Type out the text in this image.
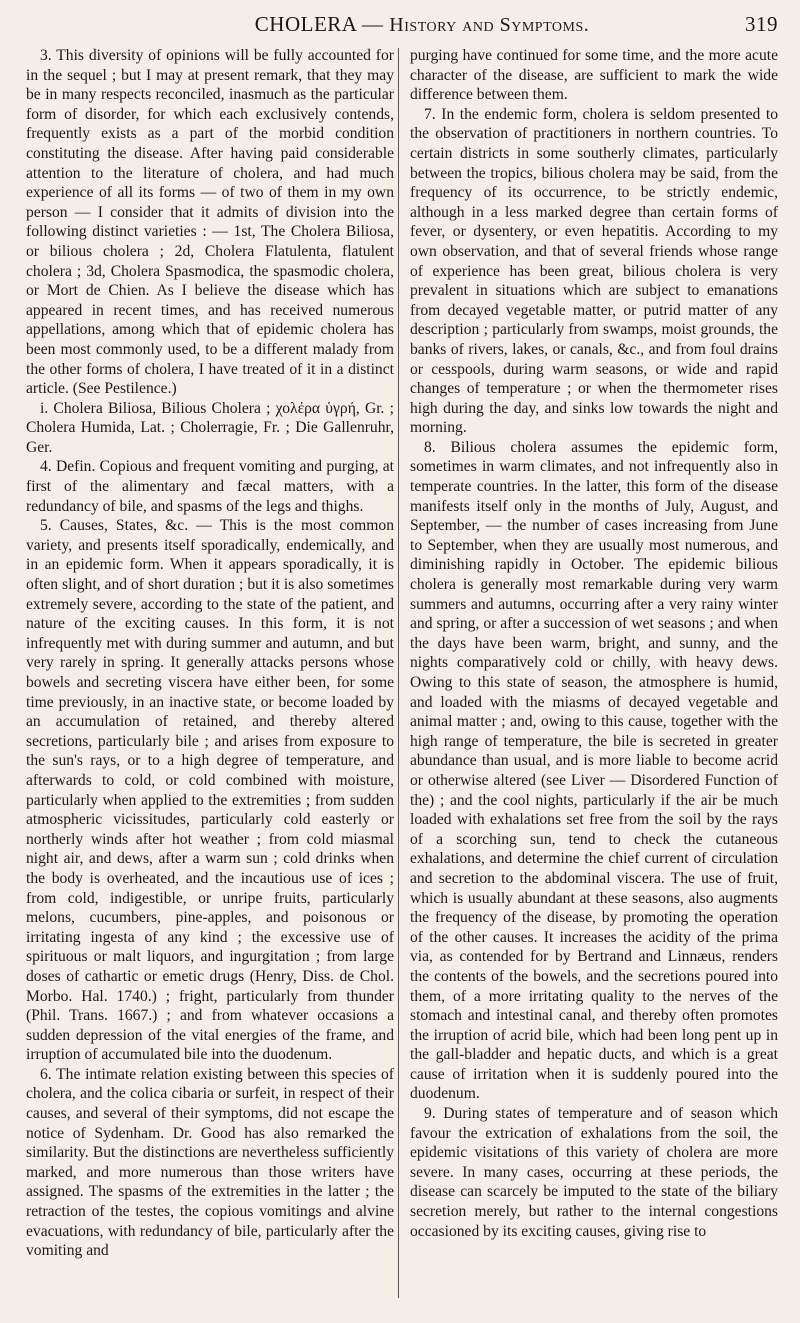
CHOLERA — History and Symptoms.	319

3. This diversity of opinions will be fully accounted for in the sequel ; but I may at present remark, that they may be in many respects reconciled, inasmuch as the particular form of disorder, for which each exclusively contends, frequently exists as a part of the morbid condition constituting the disease. After having paid considerable attention to the literature of cholera, and had much experience of all its forms — of two of them in my own person — I consider that it admits of division into the following distinct varieties : — 1st, The Cholera Biliosa, or bilious cholera ; 2d, Cholera Flatulenta, flatulent cholera ; 3d, Cholera Spasmodica, the spasmodic cholera, or Mort de Chien. As I believe the disease which has appeared in recent times, and has received numerous appellations, among which that of epidemic cholera has been most commonly used, to be a different malady from the other forms of cholera, I have treated of it in a distinct article. (See Pestilence.)

i. Cholera Biliosa, Bilious Cholera ; χολέρα ὑγρή, Gr. ; Cholera Humida, Lat. ; Cholerragie, Fr. ; Die Gallenruhr, Ger.

4. Defin. Copious and frequent vomiting and purging, at first of the alimentary and fæcal matters, with a redundancy of bile, and spasms of the legs and thighs.

5. Causes, States, &c. — This is the most common variety, and presents itself sporadically, endemically, and in an epidemic form. When it appears sporadically, it is often slight, and of short duration ; but it is also sometimes extremely severe, according to the state of the patient, and nature of the exciting causes. In this form, it is not infrequently met with during summer and autumn, and but very rarely in spring. It generally attacks persons whose bowels and secreting viscera have either been, for some time previously, in an inactive state, or become loaded by an accumulation of retained, and thereby altered secretions, particularly bile ; and arises from exposure to the sun's rays, or to a high degree of temperature, and afterwards to cold, or cold combined with moisture, particularly when applied to the extremities ; from sudden atmospheric vicissitudes, particularly cold easterly or northerly winds after hot weather ; from cold miasmal night air, and dews, after a warm sun ; cold drinks when the body is overheated, and the incautious use of ices ; from cold, indigestible, or unripe fruits, particularly melons, cucumbers, pine-apples, and poisonous or irritating ingesta of any kind ; the excessive use of spirituous or malt liquors, and ingurgitation ; from large doses of cathartic or emetic drugs (Henry, Diss. de Chol. Morbo. Hal. 1740.) ; fright, particularly from thunder (Phil. Trans. 1667.) ; and from whatever occasions a sudden depression of the vital energies of the frame, and irruption of accumulated bile into the duodenum.

6. The intimate relation existing between this species of cholera, and the colica cibaria or surfeit, in respect of their causes, and several of their symptoms, did not escape the notice of Sydenham. Dr. Good has also remarked the similarity. But the distinctions are nevertheless sufficiently marked, and more numerous than those writers have assigned. The spasms of the extremities in the latter ; the retraction of the testes, the copious vomitings and alvine evacuations, with redundancy of bile, particularly after the vomiting and

purging have continued for some time, and the more acute character of the disease, are sufficient to mark the wide difference between them.

7. In the endemic form, cholera is seldom presented to the observation of practitioners in northern countries. To certain districts in some southerly climates, particularly between the tropics, bilious cholera may be said, from the frequency of its occurrence, to be strictly endemic, although in a less marked degree than certain forms of fever, or dysentery, or even hepatitis. According to my own observation, and that of several friends whose range of experience has been great, bilious cholera is very prevalent in situations which are subject to emanations from decayed vegetable matter, or putrid matter of any description ; particularly from swamps, moist grounds, the banks of rivers, lakes, or canals, &c., and from foul drains or cesspools, during warm seasons, or wide and rapid changes of temperature ; or when the thermometer rises high during the day, and sinks low towards the night and morning.

8. Bilious cholera assumes the epidemic form, sometimes in warm climates, and not infrequently also in temperate countries. In the latter, this form of the disease manifests itself only in the months of July, August, and September, — the number of cases increasing from June to September, when they are usually most numerous, and diminishing rapidly in October. The epidemic bilious cholera is generally most remarkable during very warm summers and autumns, occurring after a very rainy winter and spring, or after a succession of wet seasons ; and when the days have been warm, bright, and sunny, and the nights comparatively cold or chilly, with heavy dews. Owing to this state of season, the atmosphere is humid, and loaded with the miasms of decayed vegetable and animal matter ; and, owing to this cause, together with the high range of temperature, the bile is secreted in greater abundance than usual, and is more liable to become acrid or otherwise altered (see Liver — Disordered Function of the) ; and the cool nights, particularly if the air be much loaded with exhalations set free from the soil by the rays of a scorching sun, tend to check the cutaneous exhalations, and determine the chief current of circulation and secretion to the abdominal viscera. The use of fruit, which is usually abundant at these seasons, also augments the frequency of the disease, by promoting the operation of the other causes. It increases the acidity of the prima via, as contended for by Bertrand and Linnæus, renders the contents of the bowels, and the secretions poured into them, of a more irritating quality to the nerves of the stomach and intestinal canal, and thereby often promotes the irruption of acrid bile, which had been long pent up in the gall-bladder and hepatic ducts, and which is a great cause of irritation when it is suddenly poured into the duodenum.

9. During states of temperature and of season which favour the extrication of exhalations from the soil, the epidemic visitations of this variety of cholera are more severe. In many cases, occurring at these periods, the disease can scarcely be imputed to the state of the biliary secretion merely, but rather to the internal congestions occasioned by its exciting causes, giving rise to
